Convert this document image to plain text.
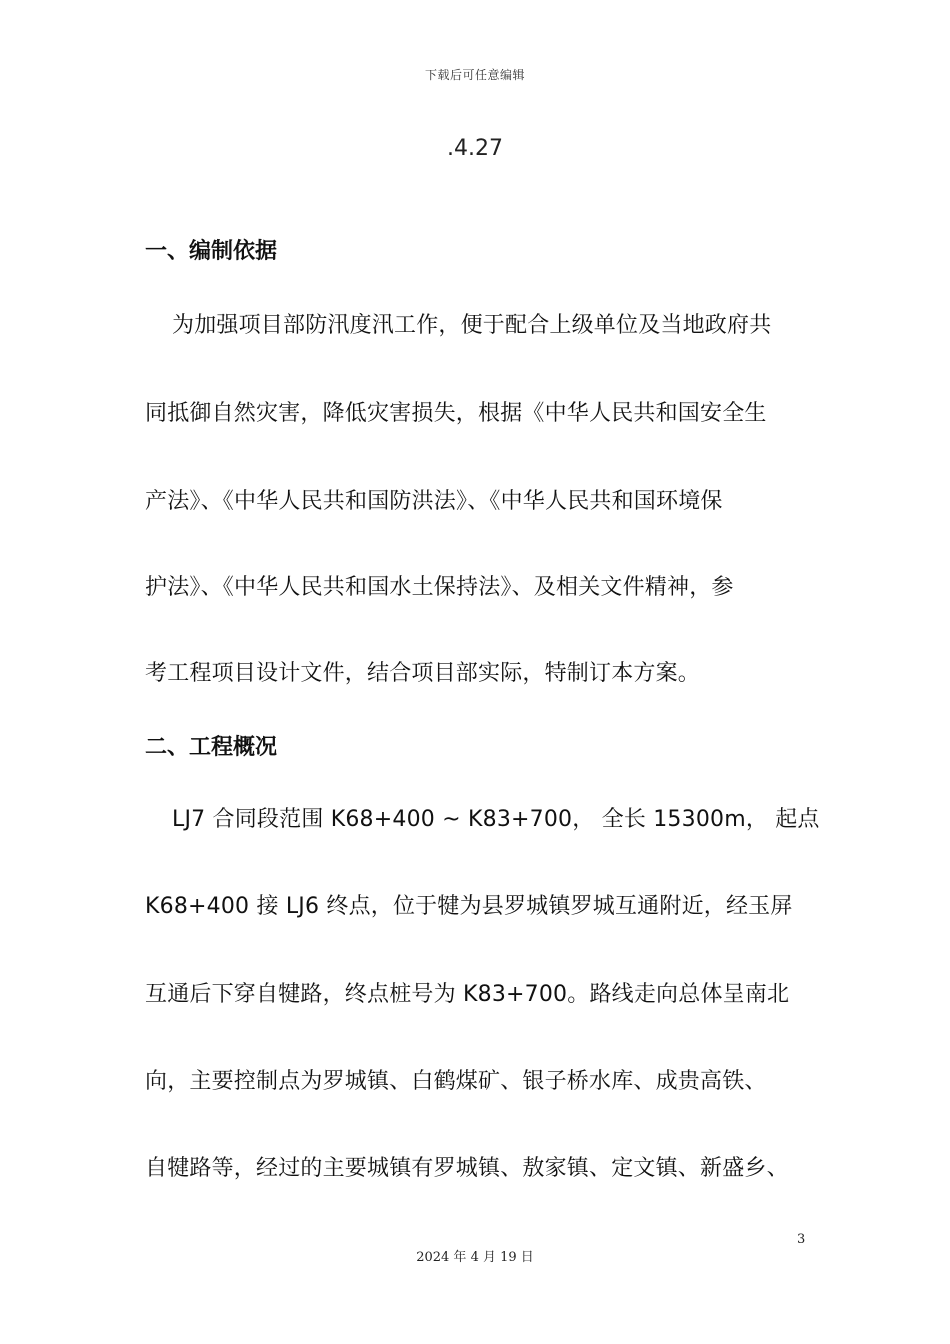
下载后可任意编辑
.4.27
一、编制依据
为加强项目部防汛度汛工作，便于配合上级单位及当地政府共
同抵御自然灾害，降低灾害损失，根据《中华人民共和国安全生
产法》、《中华人民共和国防洪法》、《中华人民共和国环境保
护法》、《中华人民共和国水土保持法》、及相关文件精神，参
考工程项目设计文件，结合项目部实际，特制订本方案。
二、工程概况
LJ7 合同段范围 K68+400 ~ K83+700， 全长 15300m， 起点
K68+400 接 LJ6 终点，位于犍为县罗城镇罗城互通附近，经玉屏
互通后下穿自犍路，终点桩号为 K83+700。路线走向总体呈南北
向，主要控制点为罗城镇、白鹤煤矿、银子桥水库、成贵高铁、
自犍路等，经过的主要城镇有罗城镇、敖家镇、定文镇、新盛乡、
3
2024 年 4 月 19 日
